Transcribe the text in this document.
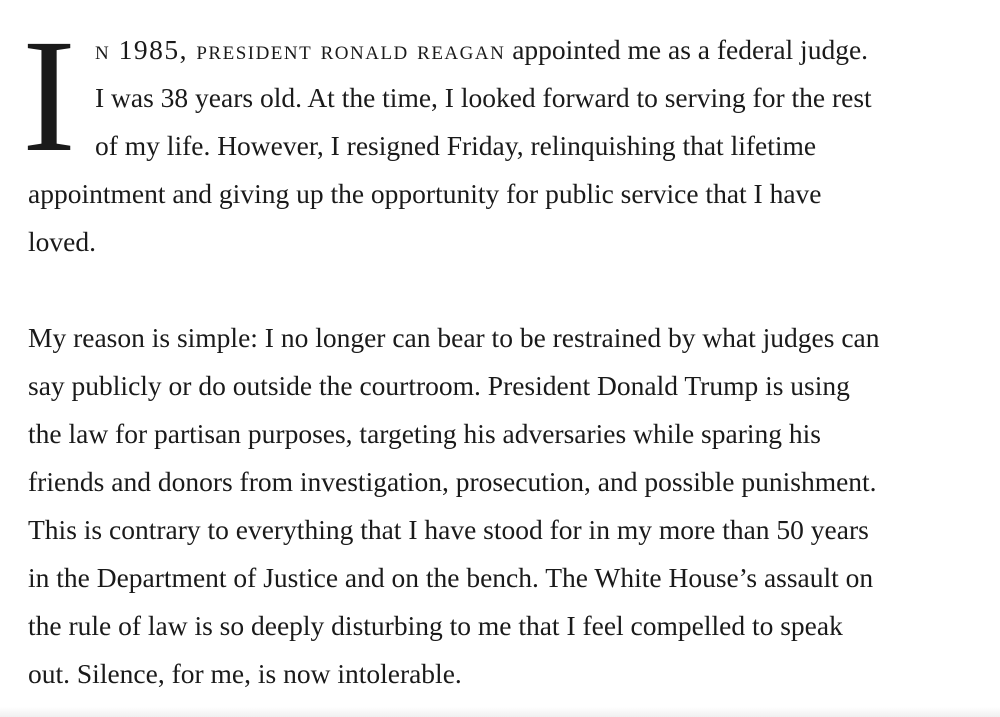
I n 1985, president ronald reagan appointed me as a federal judge.
I was 38 years old. At the time, I looked forward to serving for the rest
of my life. However, I resigned Friday, relinquishing that lifetime
appointment and giving up the opportunity for public service that I have
loved.
My reason is simple: I no longer can bear to be restrained by what judges can
say publicly or do outside the courtroom. President Donald Trump is using
the law for partisan purposes, targeting his adversaries while sparing his
friends and donors from investigation, prosecution, and possible punishment.
This is contrary to everything that I have stood for in my more than 50 years
in the Department of Justice and on the bench. The White House’s assault on
the rule of law is so deeply disturbing to me that I feel compelled to speak
out. Silence, for me, is now intolerable.
